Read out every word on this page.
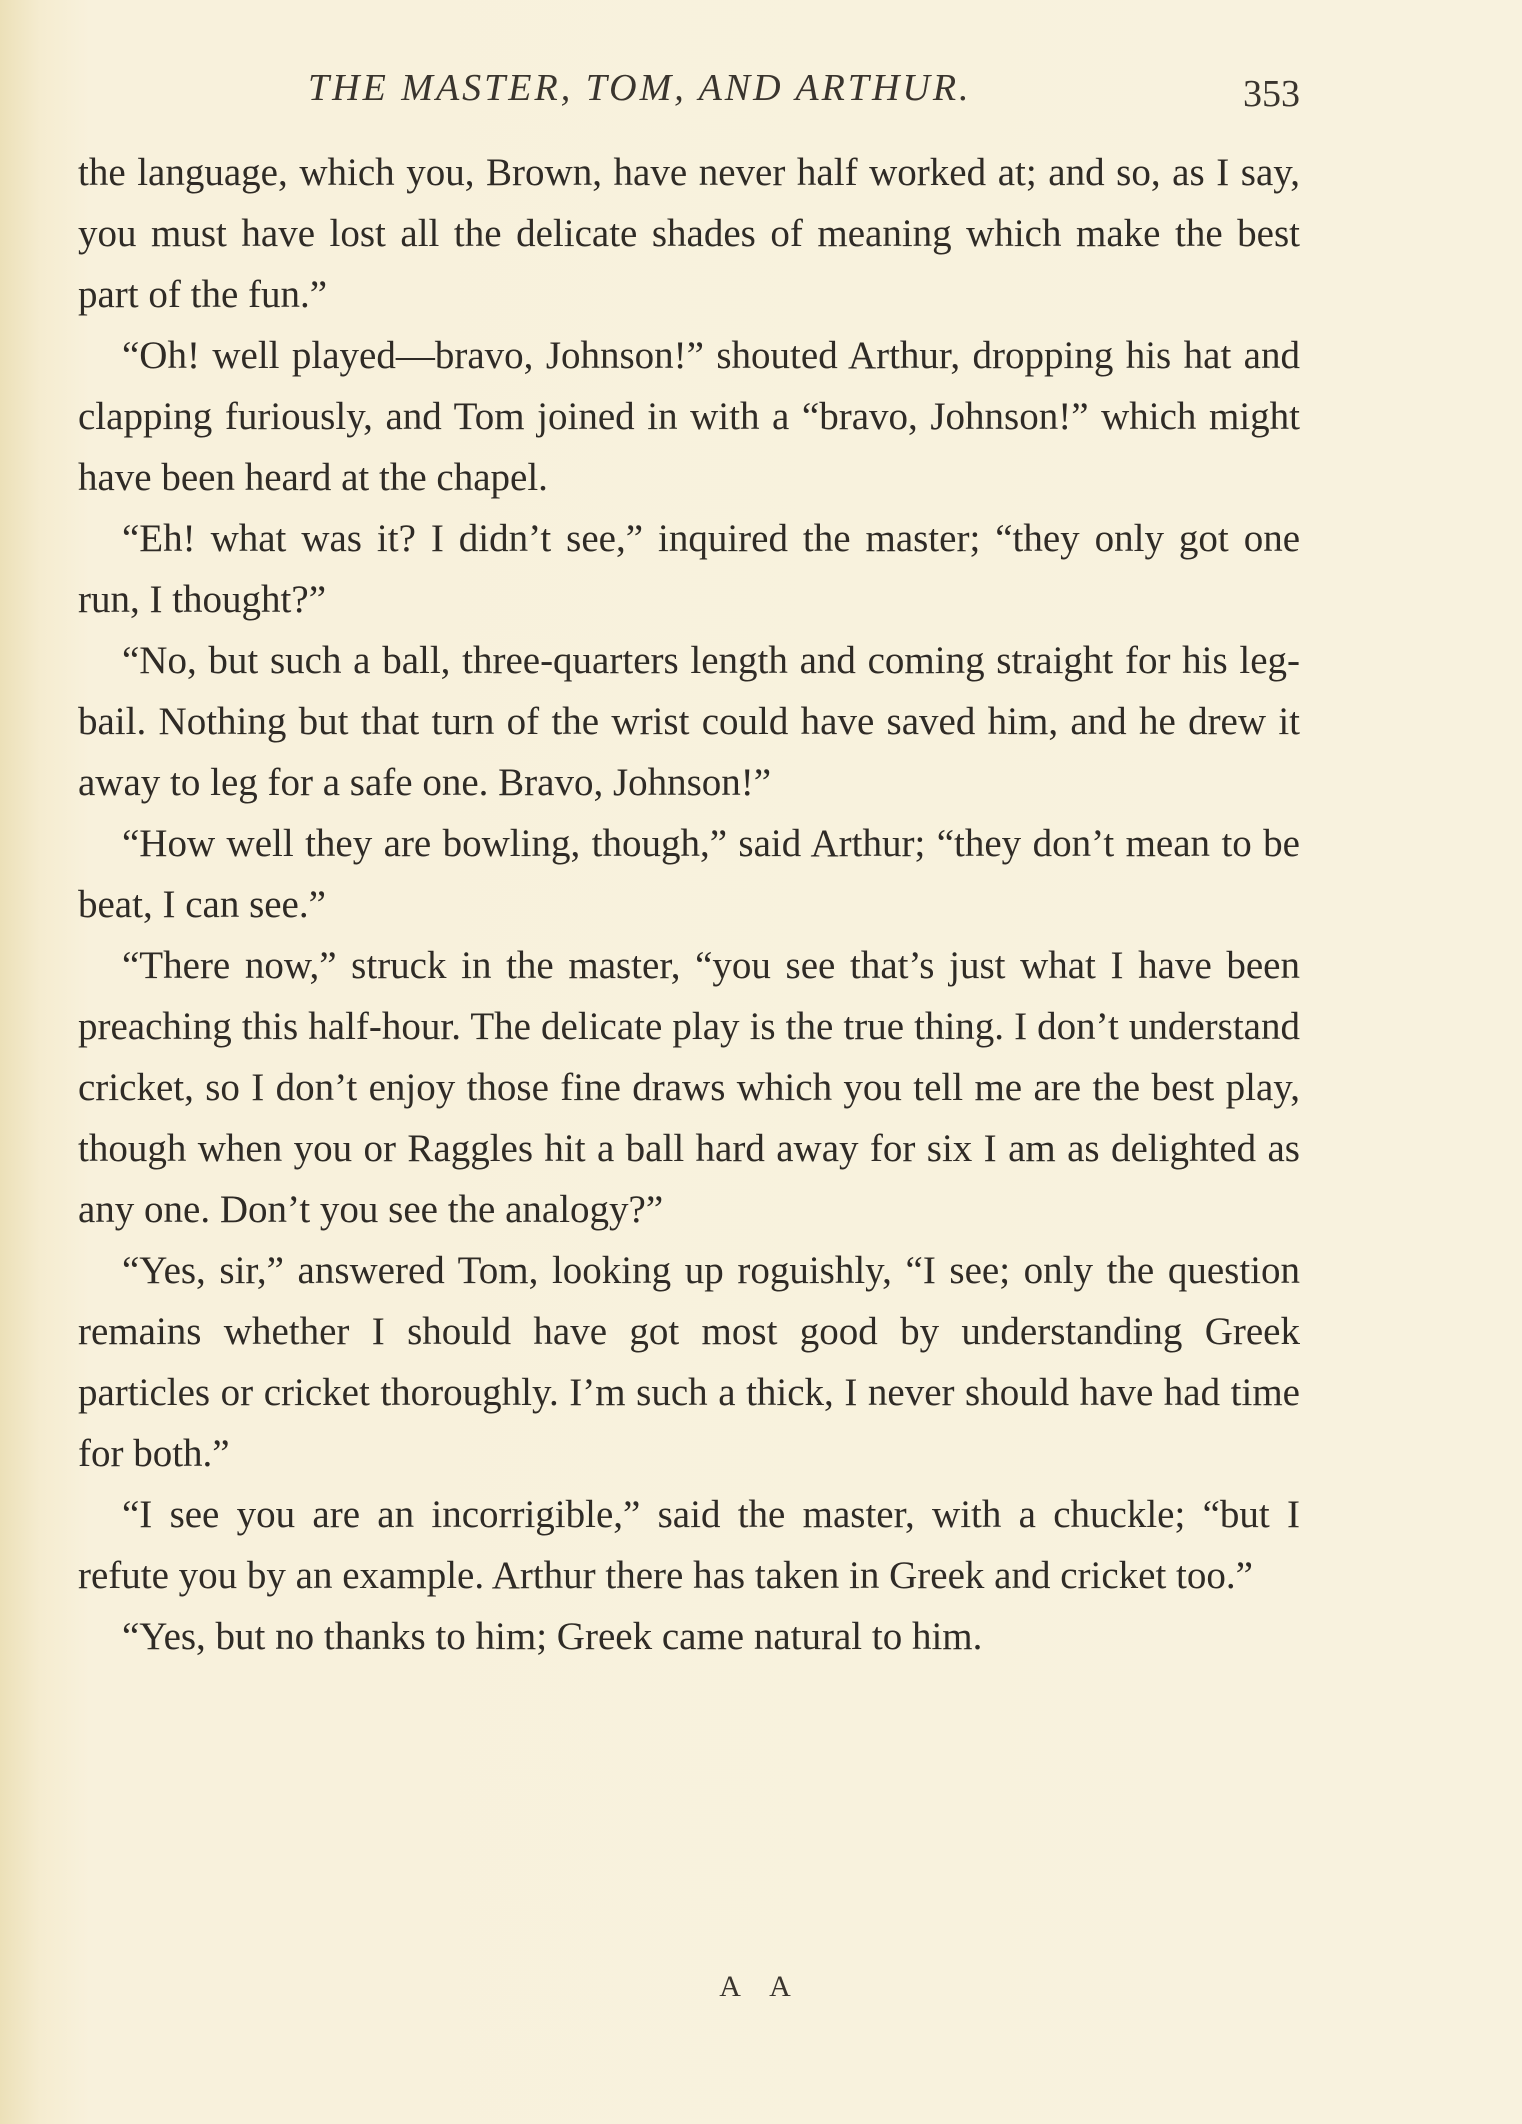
THE MASTER, TOM, AND ARTHUR.	353

the language, which you, Brown, have never half worked at; and so, as I say, you must have lost all the delicate shades of meaning which make the best part of the fun.”

“Oh! well played—bravo, Johnson!” shouted Arthur, dropping his hat and clapping furiously, and Tom joined in with a “bravo, Johnson!” which might have been heard at the chapel.

“Eh! what was it? I didn’t see,” inquired the master; “they only got one run, I thought?”

“No, but such a ball, three-quarters length and coming straight for his leg-bail. Nothing but that turn of the wrist could have saved him, and he drew it away to leg for a safe one. Bravo, Johnson!”

“How well they are bowling, though,” said Arthur; “they don’t mean to be beat, I can see.”

“There now,” struck in the master, “you see that’s just what I have been preaching this half-hour. The delicate play is the true thing. I don’t understand cricket, so I don’t enjoy those fine draws which you tell me are the best play, though when you or Raggles hit a ball hard away for six I am as delighted as any one. Don’t you see the analogy?”

“Yes, sir,” answered Tom, looking up roguishly, “I see; only the question remains whether I should have got most good by understanding Greek particles or cricket thoroughly. I’m such a thick, I never should have had time for both.”

“I see you are an incorrigible,” said the master, with a chuckle; “but I refute you by an example. Arthur there has taken in Greek and cricket too.”

“Yes, but no thanks to him; Greek came natural to him.

A A
